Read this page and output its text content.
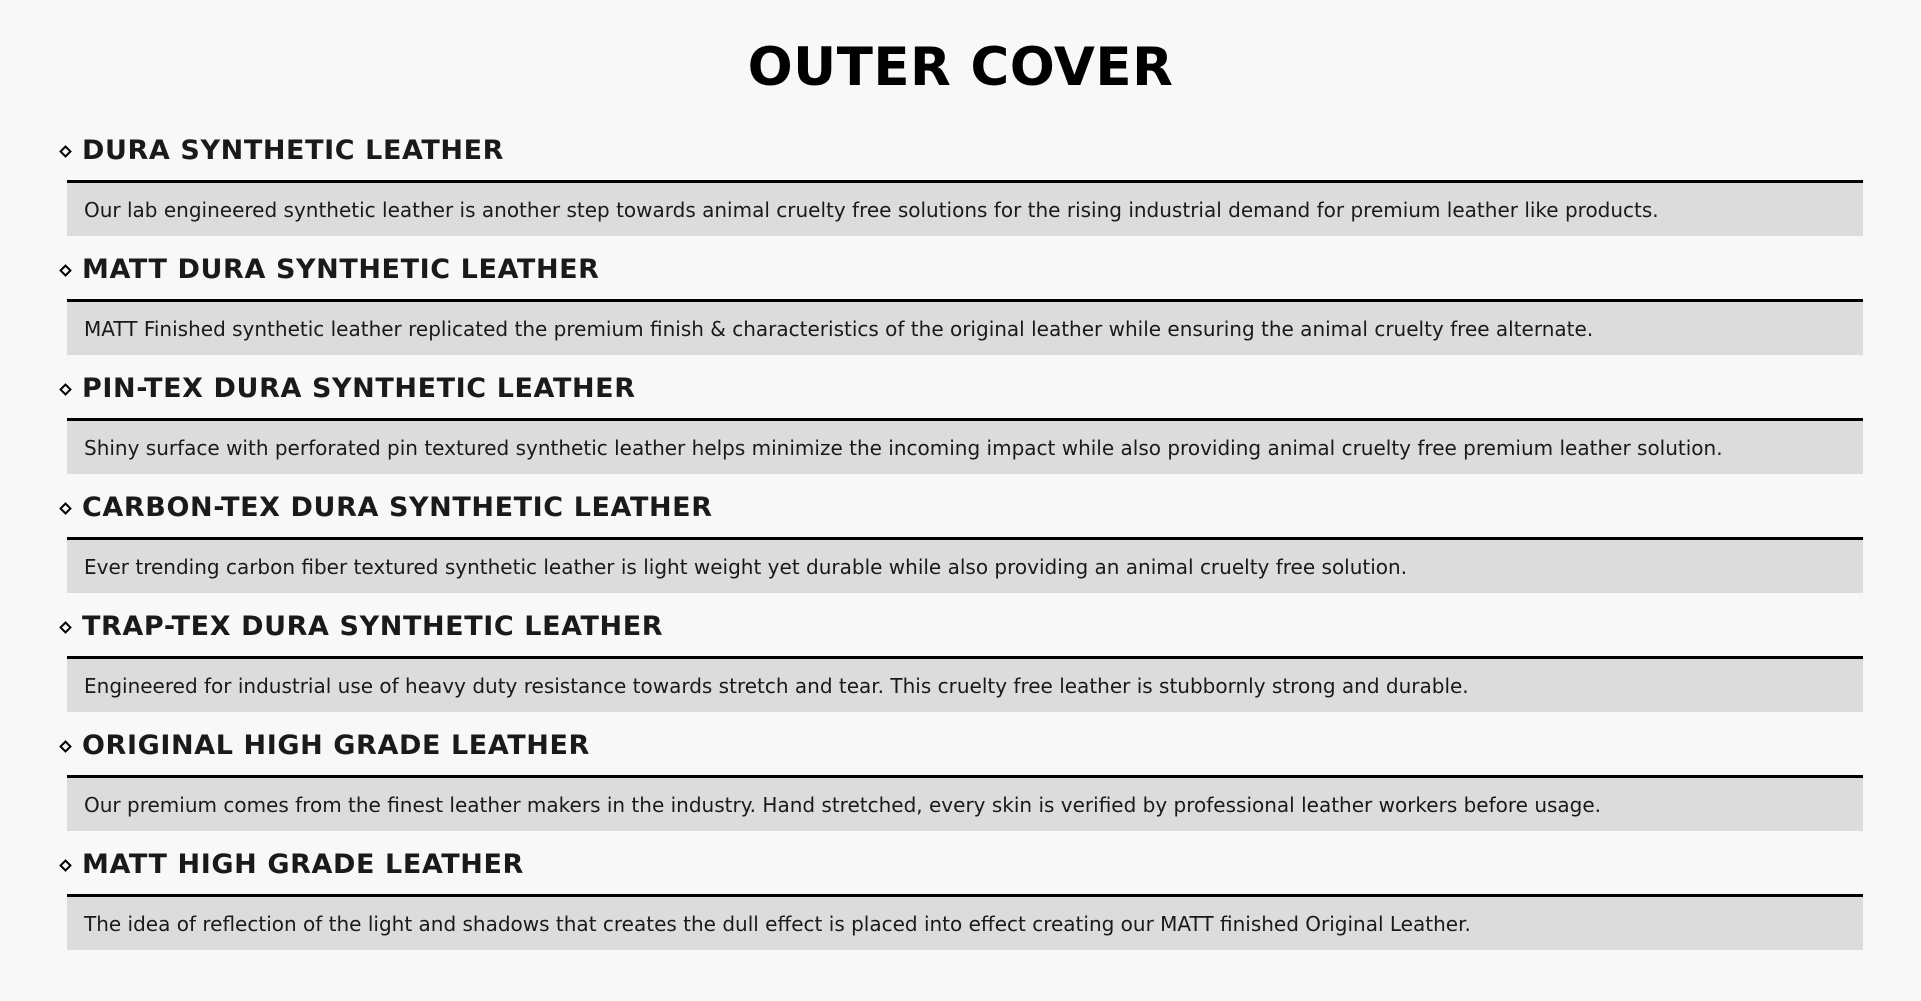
OUTER COVER
DURA SYNTHETIC LEATHER
Our lab engineered synthetic leather is another step towards animal cruelty free solutions for the rising industrial demand for premium leather like products.
MATT DURA SYNTHETIC LEATHER
MATT Finished synthetic leather replicated the premium finish & characteristics of the original leather while ensuring the animal cruelty free alternate.
PIN-TEX DURA SYNTHETIC LEATHER
Shiny surface with perforated pin textured synthetic leather helps minimize the incoming impact while also providing animal cruelty free premium leather solution.
CARBON-TEX DURA SYNTHETIC LEATHER
Ever trending carbon fiber textured synthetic leather is light weight yet durable while also providing an animal cruelty free solution.
TRAP-TEX DURA SYNTHETIC LEATHER
Engineered for industrial use of heavy duty resistance towards stretch and tear. This cruelty free leather is stubbornly strong and durable.
ORIGINAL HIGH GRADE LEATHER
Our premium comes from the finest leather makers in the industry. Hand stretched, every skin is verified by professional leather workers before usage.
MATT HIGH GRADE LEATHER
The idea of reflection of the light and shadows that creates the dull effect is placed into effect creating our MATT finished Original Leather.
